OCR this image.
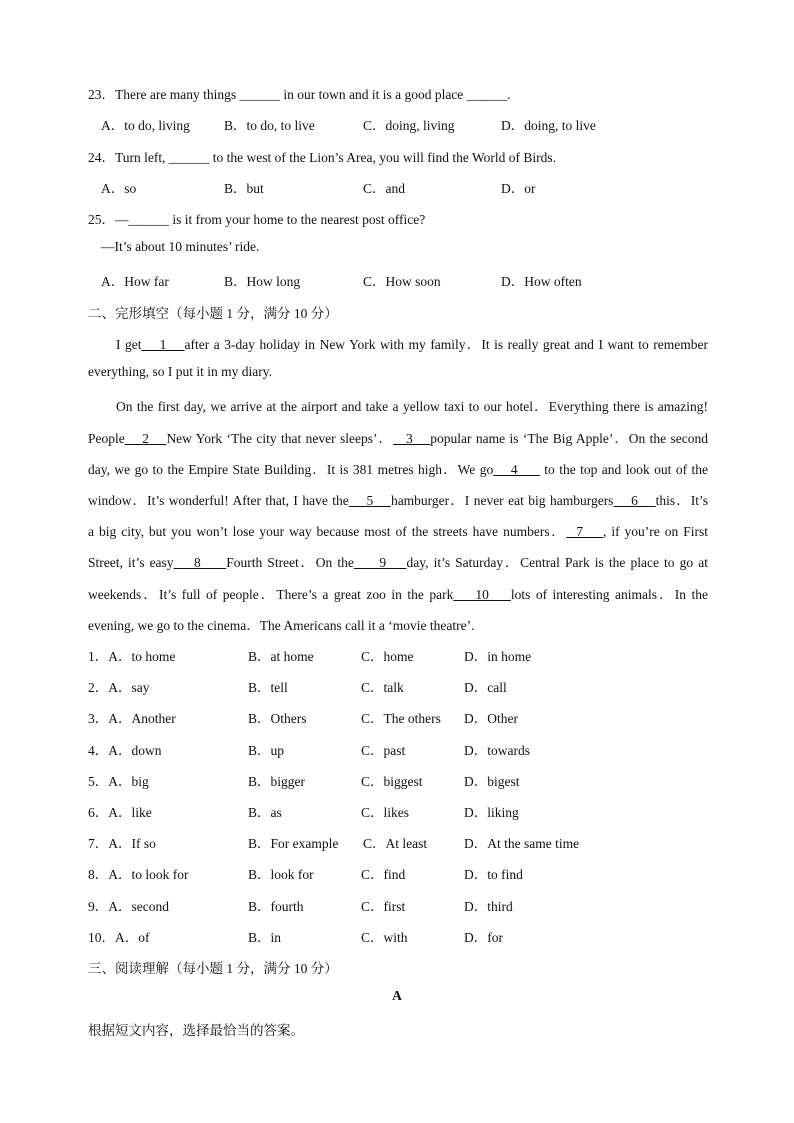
23．There are many things ______ in our town and it is a good place ______.
A．to do, living	B．to do, to live	C．doing, living	D．doing, to live
24．Turn left, ______ to the west of the Lion’s Area, you will find the World of Birds.
A．so	B．but	C．and	D．or
25．—______ is it from your home to the nearest post office?
—It’s about 10 minutes’ ride.
A．How far	B．How long	C．How soon	D．How often
二、完形填空（每小题 1 分，满分 10 分）
I get    1    after a 3-day holiday in New York with my family．It is really great and I want to remember
everything, so I put it in my diary.
On the first day, we arrive at the airport and take a yellow taxi to our hotel．Everything there is amazing!
People    2    New York ‘The city that never sleeps’．   3    popular name is ‘The Big Apple’．On the second
day, we go to the Empire State Building．It is 381 metres high．We go    4      to the top and look out of the
window．It’s wonderful! After that, I have the    5    hamburger．I never eat big hamburgers    6    this．It’s
a big city, but you won’t lose your way because most of the streets have numbers．  7    , if you’re on First
Street, it’s easy    8     Fourth Street．On the     9    day, it’s Saturday．Central Park is the place to go at
weekends．It’s full of people．There’s a great zoo in the park    10    lots of interesting animals．In the
evening, we go to the cinema．The Americans call it a ‘movie theatre’.
1．A．to home	B．at home	C．home	D．in home
2．A．say	B．tell	C．talk	D．call
3．A．Another	B．Others	C．The others D．Other
4．A．down	B．up	C．past	D．towards
5．A．big	B．bigger	C．biggest	D．bigest
6．A．like	B．as	C．likes	D．liking
7．A．If so	B．For example C．At least	D．At the same time
8．A．to look for	B．look for	C．find	D．to find
9．A．second	B．fourth	C．first	D．third
10．A．of	B．in	C．with	D．for
三、阅读理解（每小题 1 分，满分 10 分）
A
根据短文内容，选择最恰当的答案。
